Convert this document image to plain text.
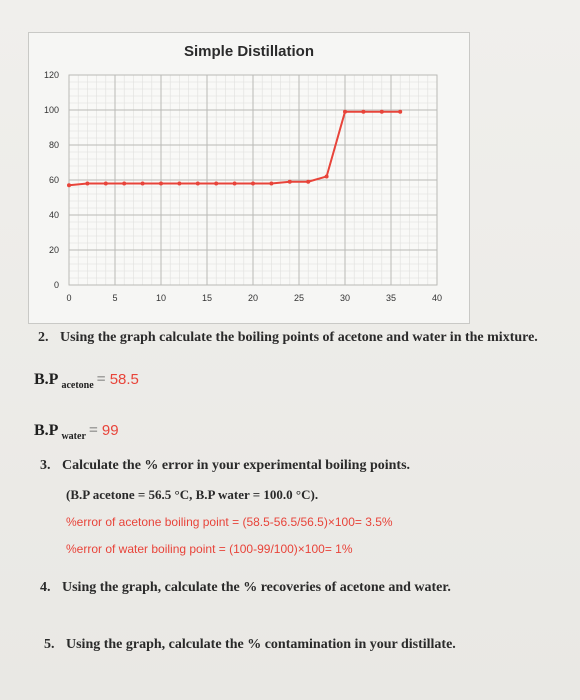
Simple Distillation
0	5	10	15	20	25	30	35	40
0
20
40
60
80
100
120
2. Using the graph calculate the boiling points of acetone and water in the mixture.
B.P $_{acetone}$ = 58.5
B.P $_{water}$ = 99
3. Calculate the % error in your experimental boiling points.
(B.P acetone = 56.5 °C, B.P water = 100.0 °C).
%error of acetone boiling point = (58.5-56.5/56.5)×100= 3.5%
%error of water boiling point = (100-99/100)×100= 1%
4. Using the graph, calculate the % recoveries of acetone and water.
5. Using the graph, calculate the % contamination in your distillate.
